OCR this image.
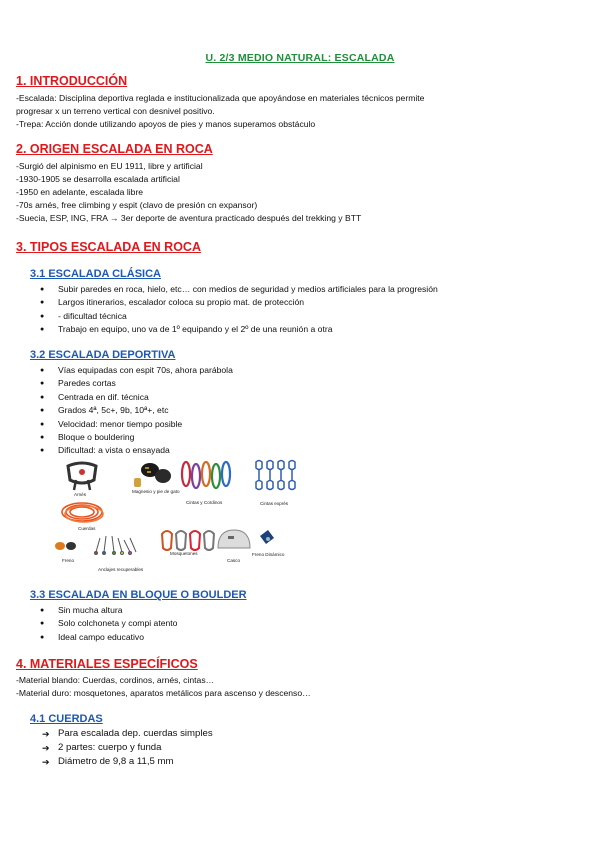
U. 2/3 MEDIO NATURAL: ESCALADA
1. INTRODUCCIÓN
-Escalada: Disciplina deportiva reglada e institucionalizada que apoyándose en materiales técnicos permite
progresar x un terreno vertical con desnivel positivo.
-Trepa: Acción donde utilizando apoyos de pies y manos superamos obstáculo
2. ORIGEN ESCALADA EN ROCA
-Surgió del alpinismo en EU 1911, libre y artificial
-1930-1905 se desarrolla escalada artificial
-1950 en adelante, escalada libre
-70s arnés, free climbing y espit (clavo de presión cn expansor)
-Suecia, ESP, ING, FRA → 3er deporte de aventura practicado después del trekking y BTT
3. TIPOS ESCALADA EN ROCA
3.1 ESCALADA CLÁSICA
● Subir paredes en roca, hielo, etc… con medios de seguridad y medios artificiales para la progresión
● Largos itinerarios, escalador coloca su propio mat. de protección
● - dificultad técnica
● Trabajo en equipo, uno va de 1º equipando y el 2º de una reunión a otra
3.2 ESCALADA DEPORTIVA
● Vías equipadas con espit 70s, ahora parábola
● Paredes cortas
● Centrada en dif. técnica
● Grados 4ª, 5c+, 9b, 10ª+, etc
● Velocidad: menor tiempo posible
● Bloque o bouldering
● Dificultad: a vista o ensayada
Arnés
Magnesio y pie de gato
Cintas y Cordinos	Cintas exprés
Cuerdas
Freno
Anclajes recuperables
Mosquetones
Casco
Freno Dinámico
3.3 ESCALADA EN BLOQUE O BOULDER
● Sin mucha altura
● Solo colchoneta y compi atento
● Ideal campo educativo
4. MATERIALES ESPECÍFICOS
-Material blando: Cuerdas, cordinos, arnés, cintas…
-Material duro: mosquetones, aparatos metálicos para ascenso y descenso…
4.1 CUERDAS
➔ Para escalada dep. cuerdas simples
➔ 2 partes: cuerpo y funda
➔ Diámetro de 9,8 a 11,5 mm
